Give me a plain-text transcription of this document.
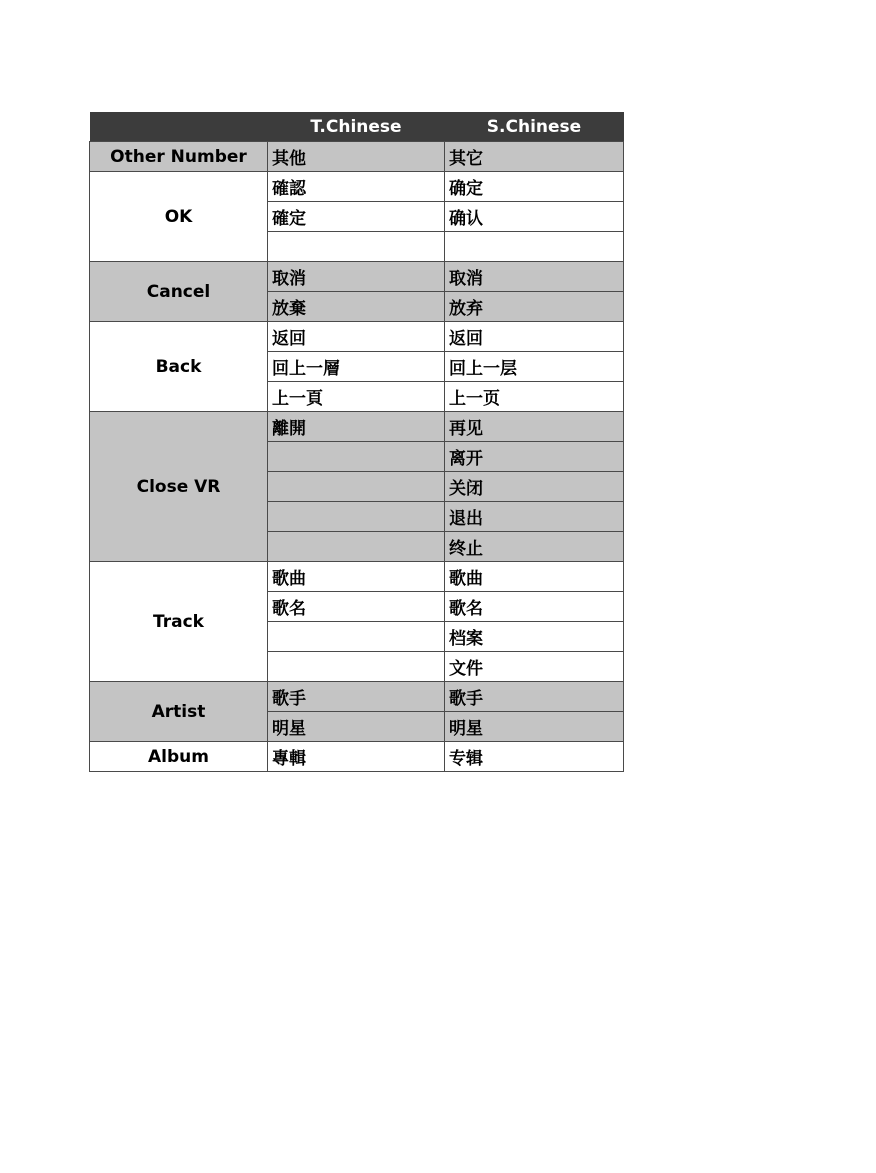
	T.Chinese	S.Chinese
Other Number	其他	其它
OK	確認	确定
	確定	确认

Cancel	取消	取消
	放棄	放弃
Back	返回	返回
	回上一層	回上一层
	上一頁	上一页
Close VR	離開	再见
		离开
		关闭
		退出
		终止
Track	歌曲	歌曲
	歌名	歌名
		档案
		文件
Artist	歌手	歌手
	明星	明星
Album	專輯	专辑
